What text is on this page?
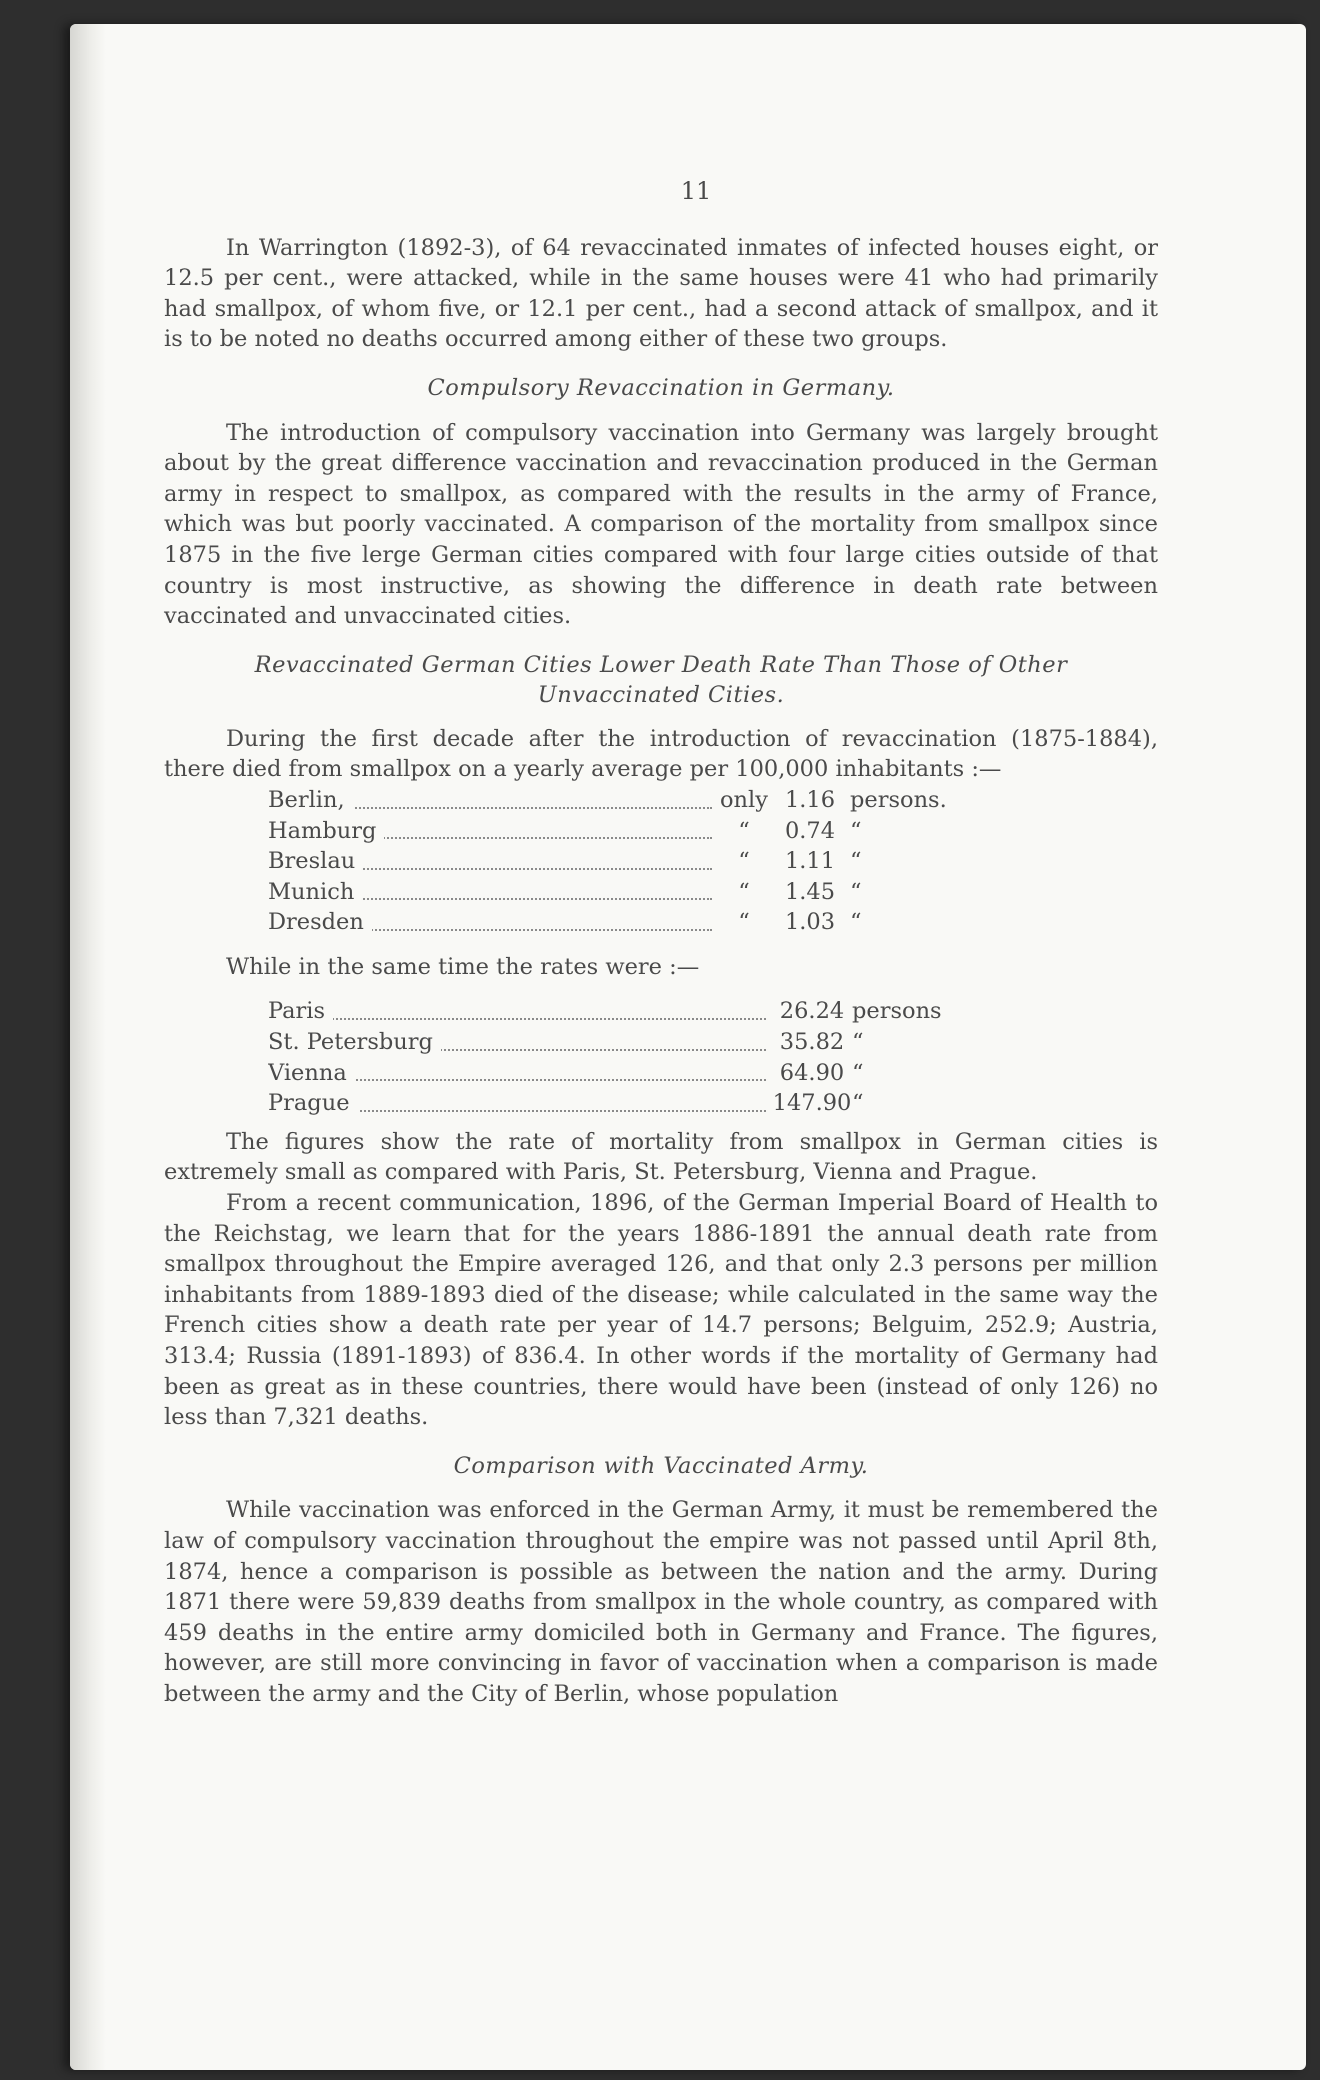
11

In Warrington (1892-3), of 64 revaccinated inmates of infected houses eight, or 12.5 per cent., were attacked, while in the same houses were 41 who had primarily had smallpox, of whom five, or 12.1 per cent., had a second attack of smallpox, and it is to be noted no deaths occurred among either of these two groups.

Compulsory Revaccination in Germany.

The introduction of compulsory vaccination into Germany was largely brought about by the great difference vaccination and revaccination produced in the German army in respect to smallpox, as compared with the results in the army of France, which was but poorly vaccinated. A comparison of the mortality from smallpox since 1875 in the five lerge German cities compared with four large cities outside of that country is most instructive, as showing the difference in death rate between vaccinated and unvaccinated cities.

Revaccinated German Cities Lower Death Rate Than Those of Other
Unvaccinated Cities.

During the first decade after the introduction of revaccination (1875-1884), there died from smallpox on a yearly average per 100,000 inhabitants :—

Berlin,	only	1.16	persons.
Hamburg	“	0.74	“
Breslau	“	1.11	“
Munich	“	1.45	“
Dresden	“	1.03	“

While in the same time the rates were :—

Paris		26.24	persons
St. Petersburg		35.82	“
Vienna		64.90	“
Prague		147.90	“

The figures show the rate of mortality from smallpox in German cities is extremely small as compared with Paris, St. Petersburg, Vienna and Prague.

From a recent communication, 1896, of the German Imperial Board of Health to the Reichstag, we learn that for the years 1886-1891 the annual death rate from smallpox throughout the Empire averaged 126, and that only 2.3 persons per million inhabitants from 1889-1893 died of the disease; while calculated in the same way the French cities show a death rate per year of 14.7 persons; Belguim, 252.9; Austria, 313.4; Russia (1891-1893) of 836.4. In other words if the mortality of Germany had been as great as in these countries, there would have been (instead of only 126) no less than 7,321 deaths.

Comparison with Vaccinated Army.

While vaccination was enforced in the German Army, it must be remembered the law of compulsory vaccination throughout the empire was not passed until April 8th, 1874, hence a comparison is possible as between the nation and the army. During 1871 there were 59,839 deaths from smallpox in the whole country, as compared with 459 deaths in the entire army domiciled both in Germany and France. The figures, however, are still more convincing in favor of vaccination when a comparison is made between the army and the City of Berlin, whose population
